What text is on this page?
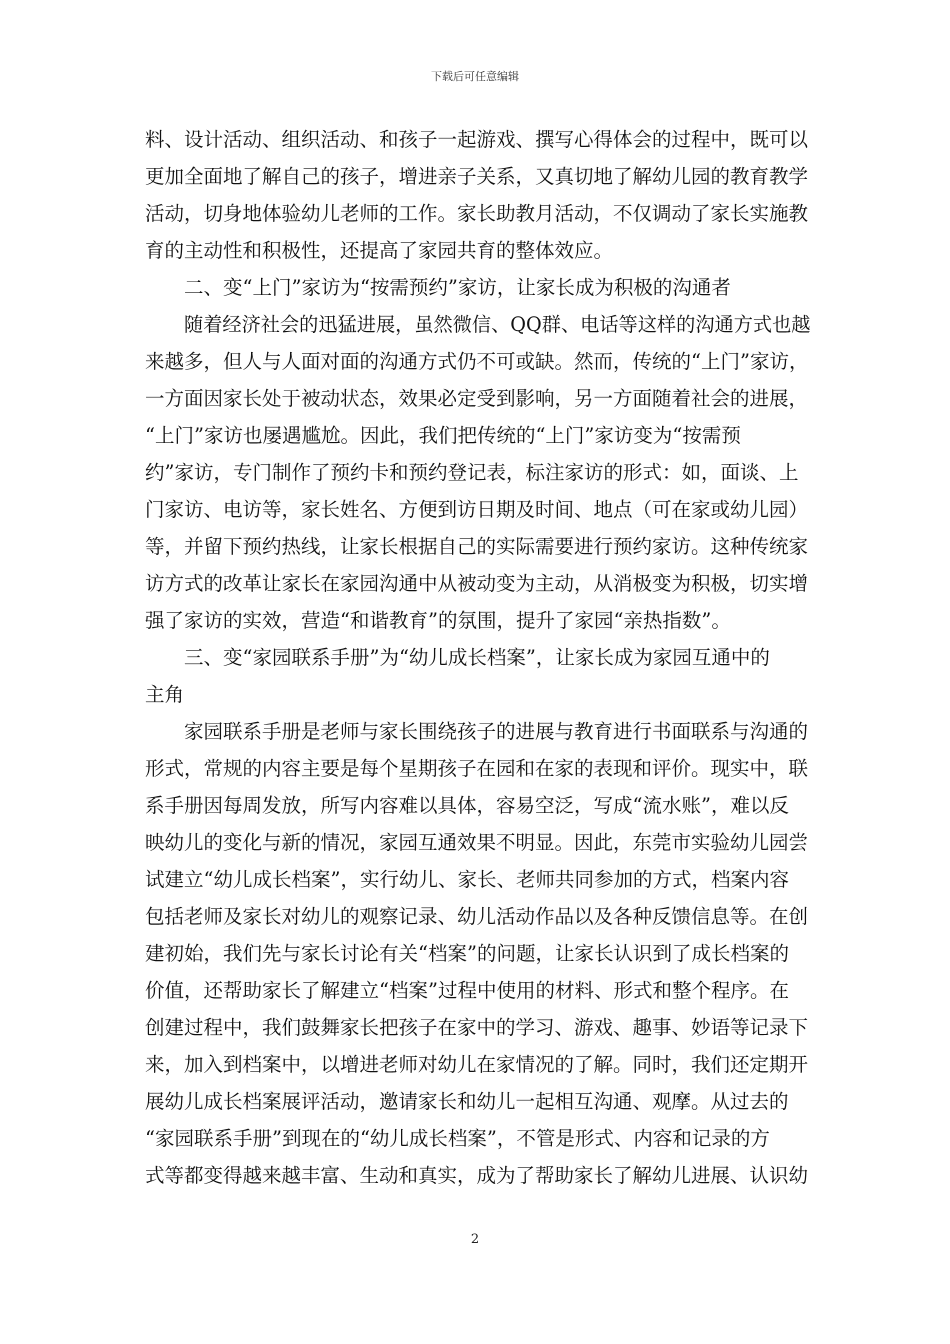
下载后可任意编辑
料、设计活动、组织活动、和孩子一起游戏、撰写心得体会的过程中，既可以
更加全面地了解自己的孩子，增进亲子关系，又真切地了解幼儿园的教育教学
活动，切身地体验幼儿老师的工作。家长助教月活动，不仅调动了家长实施教
育的主动性和积极性，还提高了家园共育的整体效应。
二、变“上门”家访为“按需预约”家访，让家长成为积极的沟通者
随着经济社会的迅猛进展，虽然微信、QQ群、电话等这样的沟通方式也越
来越多，但人与人面对面的沟通方式仍不可或缺。然而，传统的“上门”家访，
一方面因家长处于被动状态，效果必定受到影响，另一方面随着社会的进展，
“上门”家访也屡遇尴尬。因此，我们把传统的“上门”家访变为“按需预
约”家访，专门制作了预约卡和预约登记表，标注家访的形式：如，面谈、上
门家访、电访等，家长姓名、方便到访日期及时间、地点（可在家或幼儿园）
等，并留下预约热线，让家长根据自己的实际需要进行预约家访。这种传统家
访方式的改革让家长在家园沟通中从被动变为主动，从消极变为积极，切实增
强了家访的实效，营造“和谐教育”的氛围，提升了家园“亲热指数”。
三、变“家园联系手册”为“幼儿成长档案”，让家长成为家园互通中的
主角
家园联系手册是老师与家长围绕孩子的进展与教育进行书面联系与沟通的
形式，常规的内容主要是每个星期孩子在园和在家的表现和评价。现实中，联
系手册因每周发放，所写内容难以具体，容易空泛，写成“流水账”，难以反
映幼儿的变化与新的情况，家园互通效果不明显。因此，东莞市实验幼儿园尝
试建立“幼儿成长档案”，实行幼儿、家长、老师共同参加的方式，档案内容
包括老师及家长对幼儿的观察记录、幼儿活动作品以及各种反馈信息等。在创
建初始，我们先与家长讨论有关“档案”的问题，让家长认识到了成长档案的
价值，还帮助家长了解建立“档案”过程中使用的材料、形式和整个程序。在
创建过程中，我们鼓舞家长把孩子在家中的学习、游戏、趣事、妙语等记录下
来，加入到档案中，以增进老师对幼儿在家情况的了解。同时，我们还定期开
展幼儿成长档案展评活动，邀请家长和幼儿一起相互沟通、观摩。从过去的
“家园联系手册”到现在的“幼儿成长档案”，不管是形式、内容和记录的方
式等都变得越来越丰富、生动和真实，成为了帮助家长了解幼儿进展、认识幼
2
